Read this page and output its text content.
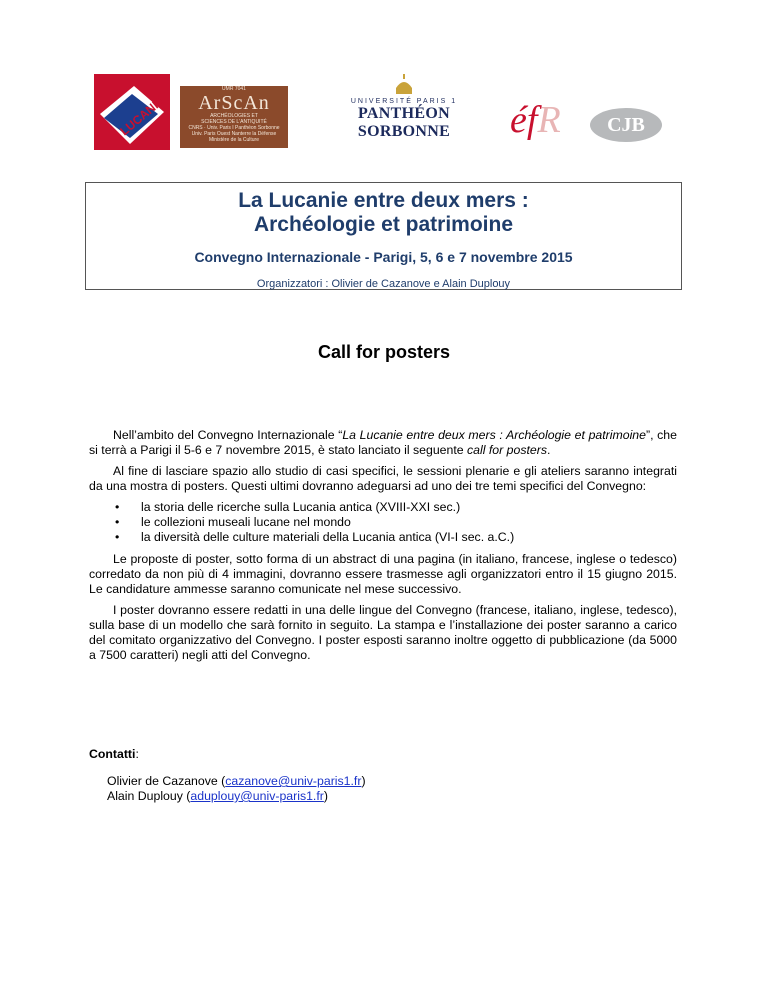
LUCANIE
UMR 7041
ArScAn
ARCHÉOLOGIES ET
SCIENCES DE L'ANTIQUITÉ
CNRS · Univ. Paris I Panthéon Sorbonne
Univ. Paris Ouest Nanterre la Défense
Ministère de la Culture
UNIVERSITÉ PARIS 1
PANTHÉON SORBONNE	éfR	CJB
La Lucanie entre deux mers :
Archéologie et patrimoine
Convegno Internazionale - Parigi, 5, 6 e 7 novembre 2015
Organizzatori : Olivier de Cazanove e Alain Duplouy
Call for posters

Nell’ambito del Convegno Internazionale “La Lucanie entre deux mers : Archéologie et patrimoine”, che si terrà a Parigi il 5-6 e 7 novembre 2015, è stato lanciato il seguente call for posters.

Al fine di lasciare spazio allo studio di casi specifici, le sessioni plenarie e gli ateliers saranno integrati da una mostra di posters. Questi ultimi dovranno adeguarsi ad uno dei tre temi specifici del Convegno:

• la storia delle ricerche sulla Lucania antica (XVIII-XXI sec.)
• le collezioni museali lucane nel mondo
• la diversità delle culture materiali della Lucania antica (VI-I sec. a.C.)

Le proposte di poster, sotto forma di un abstract di una pagina (in italiano, francese, inglese o tedesco) corredato da non più di 4 immagini, dovranno essere trasmesse agli organizzatori entro il 15 giugno 2015. Le candidature ammesse saranno comunicate nel mese successivo.

I poster dovranno essere redatti in una delle lingue del Convegno (francese, italiano, inglese, tedesco), sulla base di un modello che sarà fornito in seguito. La stampa e l’installazione dei poster saranno a carico del comitato organizzativo del Convegno. I poster esposti saranno inoltre oggetto di pubblicazione (da 5000 a 7500 caratteri) negli atti del Convegno.

Contatti:
Olivier de Cazanove (cazanove@univ-paris1.fr)
Alain Duplouy (aduplouy@univ-paris1.fr)
